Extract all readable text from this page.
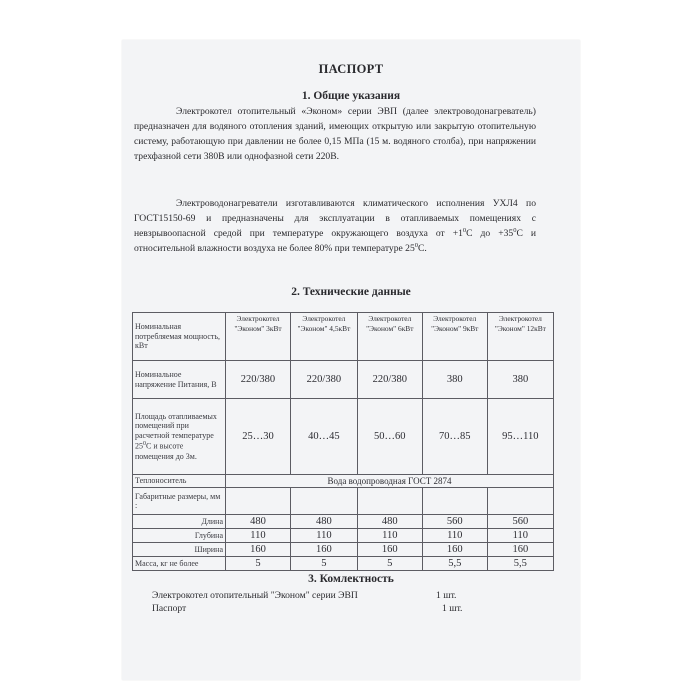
ПАСПОРТ
1. Общие указания
Электрокотел отопительный «Эконом» серии ЭВП (далее электроводонагреватель) предназначен для водяного отопления зданий, имеющих открытую или закрытую отопительную систему, работающую при давлении не более 0,15 МПа (15 м. водяного столба), при напряжении трехфазной сети 380В или однофазной сети 220В.
Электроводонагреватели изготавливаются климатического исполнения УХЛ4 по ГОСТ15150-69 и предназначены для эксплуатации в отапливаемых помещениях с невзрывоопасной средой при температуре окружающего воздуха от $+1^0С$ до $+35^0С$ и относительной влажности воздуха не более 80% при температуре $25^0С$.
2. Технические данные
Номинальная потребляемая мощность, кВт	Электрокотел "Эконом" 3кВт	Электрокотел "Эконом" 4,5кВт	Электрокотел "Эконом" 6кВт	Электрокотел "Эконом" 9кВт	Электрокотел "Эконом" 12кВт
Номинальное напряжение Питания, В	220/380	220/380	220/380	380	380
Площадь отапливаемых помещений при расчетной температуре $25^0С$ и высоте помещения до 3м.	25…30	40…45	50…60	70…85	95…110
Теплоноситель	Вода водопроводная ГОСТ 2874				
Габаритные размеры, мм :					
Длина	480	480	480	560	560
Глубина	110	110	110	110	110
Ширина	160	160	160	160	160
Масса, кг не более	5	5	5	5,5	5,5
3. Комлектность
Электрокотел отопительный "Эконом" серии ЭВП	1 шт.
Паспорт	1 шт.
